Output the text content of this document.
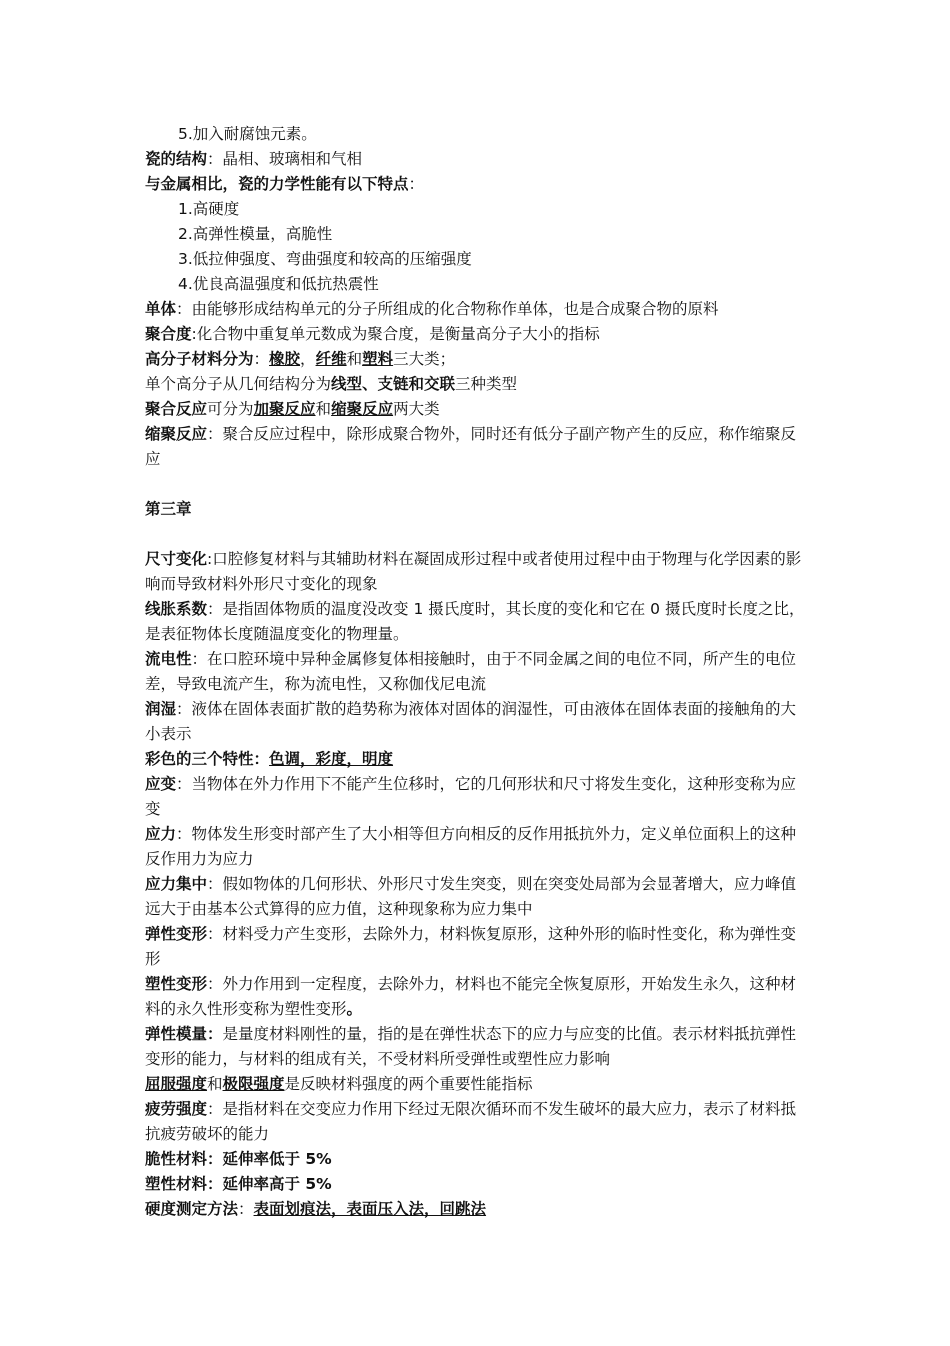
5.加入耐腐蚀元素。
瓷的结构：晶相、玻璃相和气相
与金属相比，瓷的力学性能有以下特点：
1.高硬度
2.高弹性模量，高脆性
3.低拉伸强度、弯曲强度和较高的压缩强度
4.优良高温强度和低抗热震性
单体：由能够形成结构单元的分子所组成的化合物称作单体，也是合成聚合物的原料
聚合度:化合物中重复单元数成为聚合度，是衡量高分子大小的指标
高分子材料分为：橡胶，纤维和塑料三大类；
单个高分子从几何结构分为线型、支链和交联三种类型
聚合反应可分为加聚反应和缩聚反应两大类
缩聚反应：聚合反应过程中，除形成聚合物外，同时还有低分子副产物产生的反应，称作缩聚反应
第三章
尺寸变化:口腔修复材料与其辅助材料在凝固成形过程中或者使用过程中由于物理与化学因素的影响而导致材料外形尺寸变化的现象
线胀系数：是指固体物质的温度没改变 1 摄氏度时，其长度的变化和它在 0 摄氏度时长度之比，是表征物体长度随温度变化的物理量。
流电性：在口腔环境中异种金属修复体相接触时，由于不同金属之间的电位不同，所产生的电位差，导致电流产生，称为流电性，又称伽伐尼电流
润湿：液体在固体表面扩散的趋势称为液体对固体的润湿性，可由液体在固体表面的接触角的大小表示
彩色的三个特性：色调，彩度，明度
应变：当物体在外力作用下不能产生位移时，它的几何形状和尺寸将发生变化，这种形变称为应变
应力：物体发生形变时部产生了大小相等但方向相反的反作用抵抗外力，定义单位面积上的这种反作用力为应力
应力集中：假如物体的几何形状、外形尺寸发生突变，则在突变处局部为会显著增大，应力峰值远大于由基本公式算得的应力值，这种现象称为应力集中
弹性变形：材料受力产生变形，去除外力，材料恢复原形，这种外形的临时性变化，称为弹性变形
塑性变形：外力作用到一定程度，去除外力，材料也不能完全恢复原形，开始发生永久，这种材料的永久性形变称为塑性变形。
弹性模量：是量度材料刚性的量，指的是在弹性状态下的应力与应变的比值。表示材料抵抗弹性变形的能力，与材料的组成有关，不受材料所受弹性或塑性应力影响
屈服强度和极限强度是反映材料强度的两个重要性能指标
疲劳强度：是指材料在交变应力作用下经过无限次循环而不发生破坏的最大应力，表示了材料抵抗疲劳破坏的能力
脆性材料：延伸率低于 5%
塑性材料：延伸率高于 5%
硬度测定方法：表面划痕法，表面压入法，回跳法
